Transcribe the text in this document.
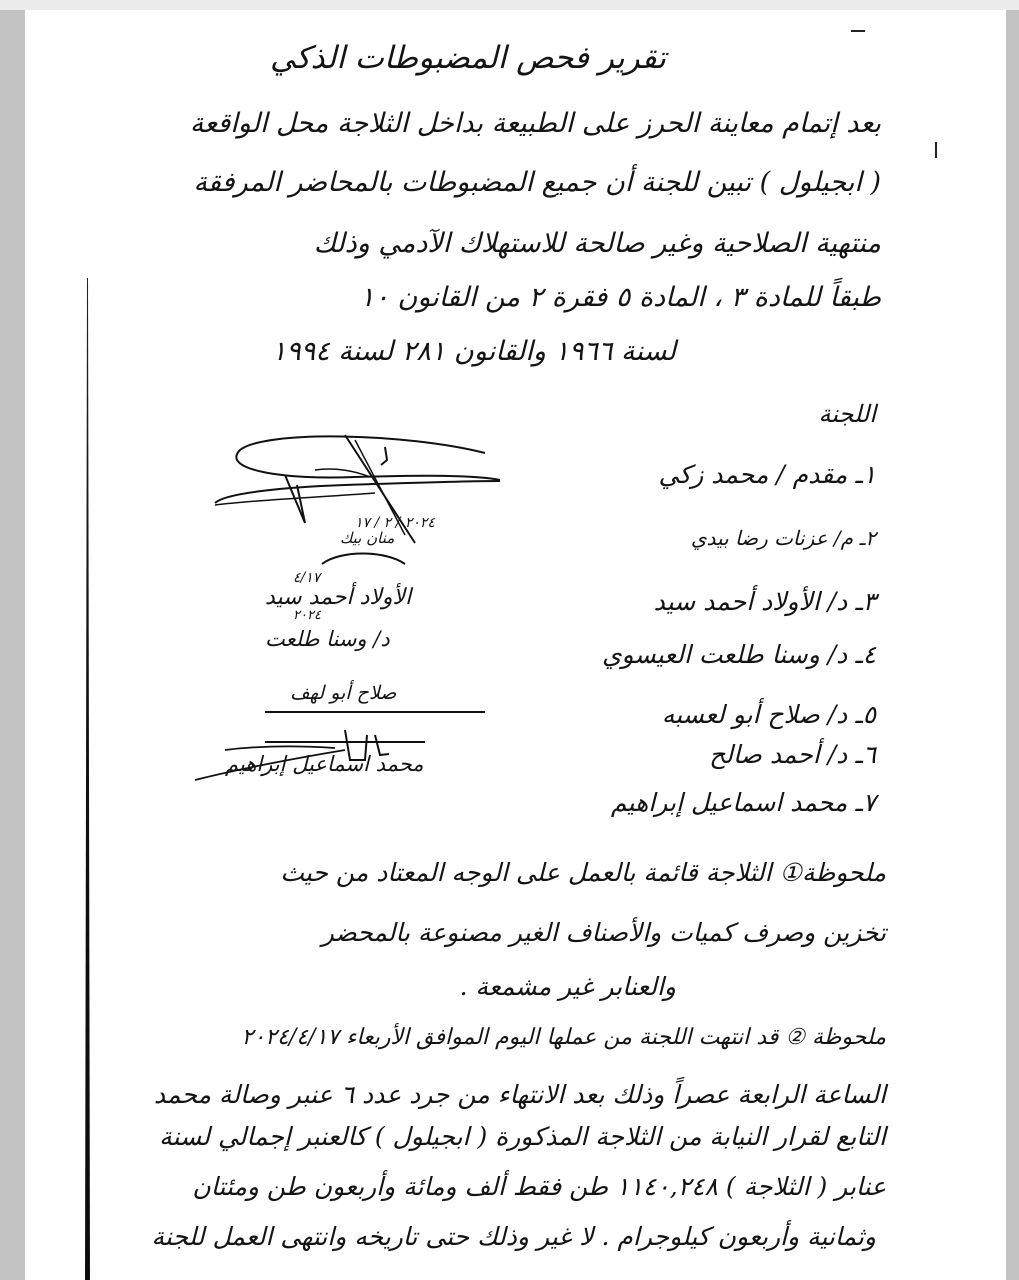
تقرير فحص المضبوطات الذكي
بعد إتمام معاينة الحرز على الطبيعة بداخل الثلاجة محل الواقعة
( ابجيلول ) تبين للجنة أن جميع المضبوطات بالمحاضر المرفقة
منتهية الصلاحية وغير صالحة للاستهلاك الآدمي وذلك
طبقاً للمادة ٣ ، المادة ٥ فقرة ٢ من القانون ١٠
لسنة ١٩٦٦ والقانون ٢٨١ لسنة ١٩٩٤
اللجنة
١ـ مقدم / محمد زكي
٢ـ م/ عزنات رضا بيدي
٣ـ د/ الأولاد أحمد سيد
٤ـ د/ وسنا طلعت العيسوي
٥ـ د/ صلاح أبو لعسبه
٦ـ د/ أحمد صالح
٧ـ محمد اسماعيل إبراهيم
٢٠٢٤ / ٢ / ١٧
منان بيك
٤/١٧
الأولاد أحمد سيد
٢٠٢٤
د/ وسنا طلعت
صلاح أبو لهف
محمد اسماعيل إبراهيم
ملحوظة① الثلاجة قائمة بالعمل على الوجه المعتاد من حيث
تخزين وصرف كميات والأصناف الغير مصنوعة بالمحضر
والعنابر غير مشمعة .
ملحوظة ② قد انتهت اللجنة من عملها اليوم الموافق الأربعاء ٢٠٢٤/٤/١٧
الساعة الرابعة عصراً وذلك بعد الانتهاء من جرد عدد ٦ عنبر وصالة محمد
التابع لقرار النيابة من الثلاجة المذكورة ( ابجيلول ) كالعنبر إجمالي لسنة
عنابر ( الثلاجة ) ١١٤٠,٢٤٨ طن فقط ألف ومائة وأربعون طن ومئتان
وثمانية وأربعون كيلوجرام . لا غير وذلك حتى تاريخه وانتهى العمل للجنة
